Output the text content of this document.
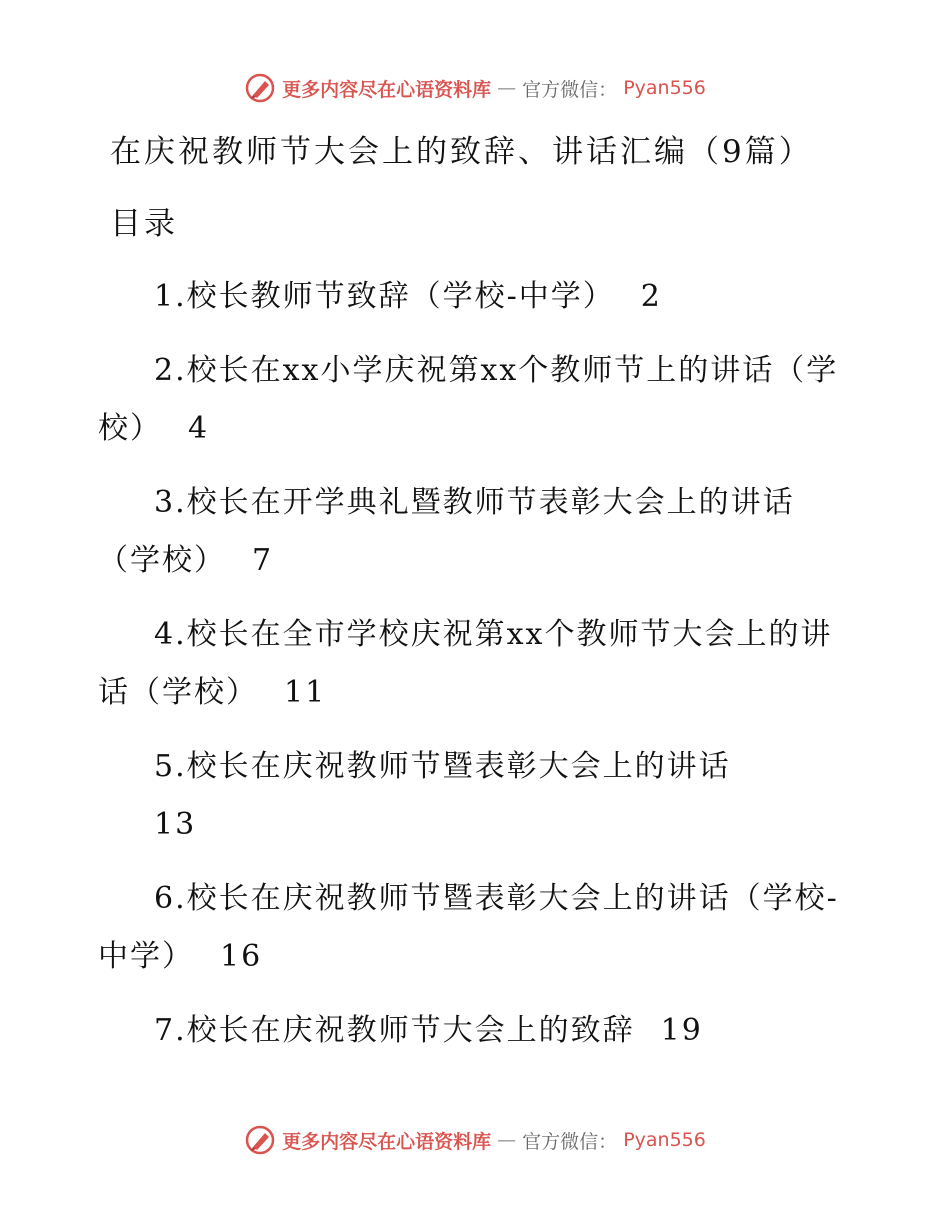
更多内容尽在心语资料库 — 官方微信： Pyan556
在庆祝教师节大会上的致辞、讲话汇编（9篇）
目录
1.校长教师节致辞（学校-中学） 2
2.校长在xx小学庆祝第xx个教师节上的讲话（学校） 4
3.校长在开学典礼暨教师节表彰大会上的讲话（学校） 7
4.校长在全市学校庆祝第xx个教师节大会上的讲话（学校） 11
5.校长在庆祝教师节暨表彰大会上的讲话
13
6.校长在庆祝教师节暨表彰大会上的讲话（学校-中学） 16
7.校长在庆祝教师节大会上的致辞 19
更多内容尽在心语资料库 — 官方微信： Pyan556
